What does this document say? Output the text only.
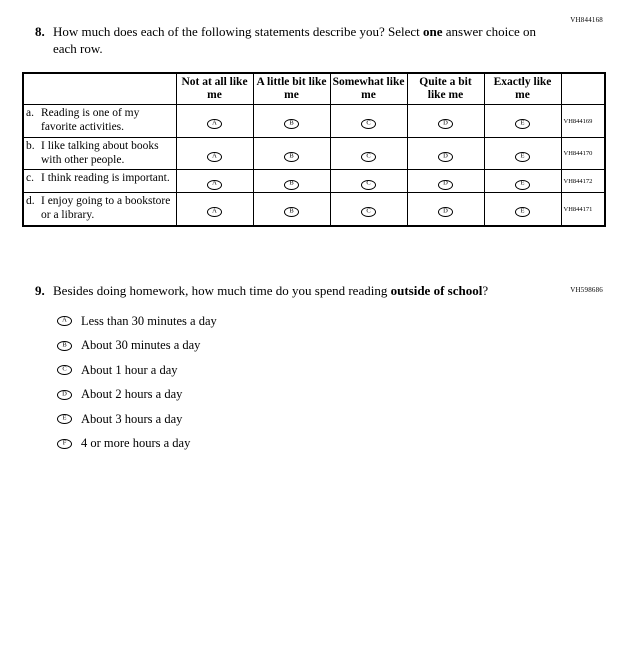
VH844168
8. How much does each of the following statements describe you? Select one answer choice on each row.
	Not at all like me	A little bit like me	Somewhat like me	Quite a bit like me	Exactly like me	

a. Reading is one of my favorite activities.	A	B	C	D	E	VH844169

b. I like talking about books with other people.	A	B	C	D	E	VH844170

c. I think reading is important.	A	B	C	D	E	VH844172

d. I enjoy going to a bookstore or a library.	A	B	C	D	E	VH844171
VH598686
9. Besides doing homework, how much time do you spend reading outside of school?
A Less than 30 minutes a day
B About 30 minutes a day
C About 1 hour a day
D About 2 hours a day
E About 3 hours a day
F 4 or more hours a day
